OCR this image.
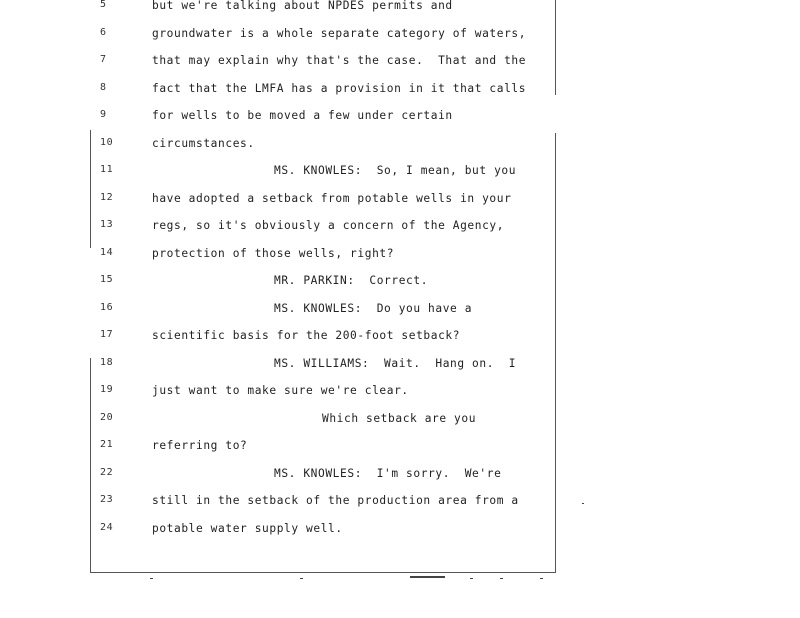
5	but we're talking about NPDES permits and
6	groundwater is a whole separate category of waters,
7	that may explain why that's the case.  That and the
8	fact that the LMFA has a provision in it that calls
9	for wells to be moved a few under certain
10	circumstances.
11	MS. KNOWLES:  So, I mean, but you
12	have adopted a setback from potable wells in your
13	regs, so it's obviously a concern of the Agency,
14	protection of those wells, right?
15	MR. PARKIN:  Correct.
16	MS. KNOWLES:  Do you have a
17	scientific basis for the 200-foot setback?
18	MS. WILLIAMS:  Wait.  Hang on.  I
19	just want to make sure we're clear.
20	Which setback are you
21	referring to?
22	MS. KNOWLES:  I'm sorry.  We're
23	still in the setback of the production area from a
24	potable water supply well.
